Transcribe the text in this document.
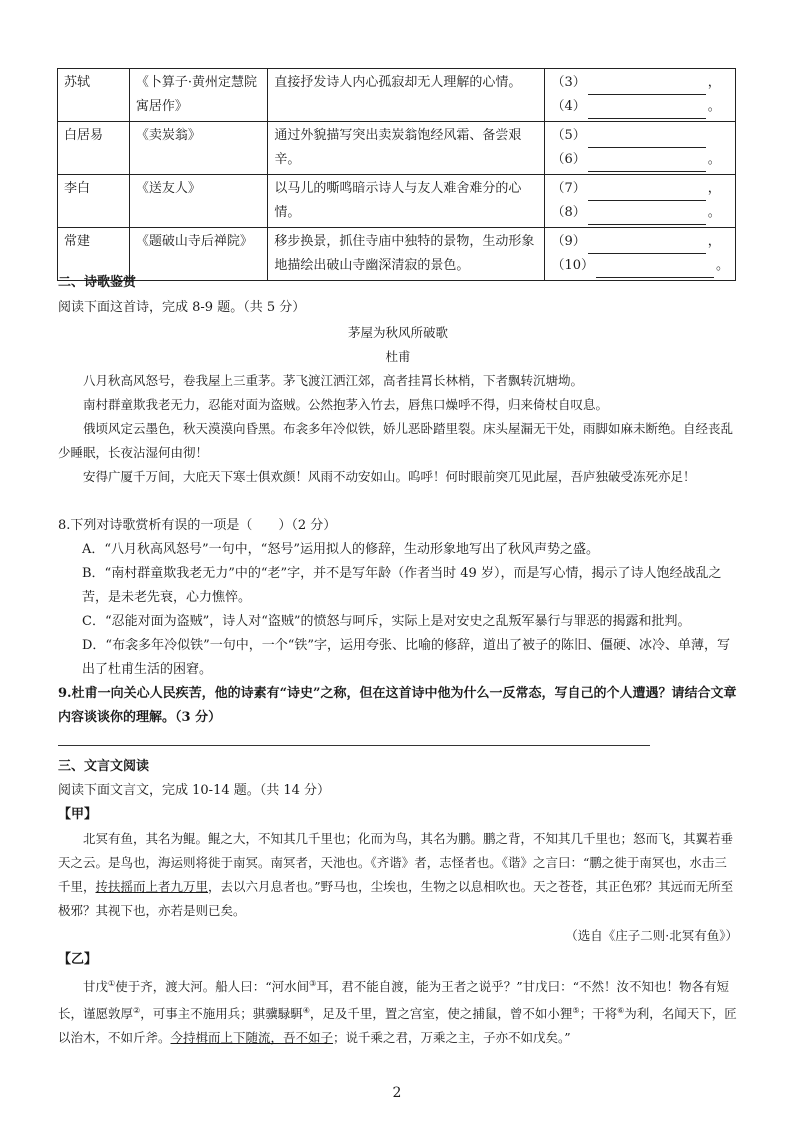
苏轼	《卜算子·黄州定慧院寓居作》	直接抒发诗人内心孤寂却无人理解的心情。	（3） ，
（4） 。

白居易	《卖炭翁》	通过外貌描写突出卖炭翁饱经风霜、备尝艰辛。	（5）
（6） 。

李白	《送友人》	以马儿的嘶鸣暗示诗人与友人难舍难分的心情。	（7） ，
（8） 。

常建	《题破山寺后禅院》	移步换景，抓住寺庙中独特的景物，生动形象地描绘出破山寺幽深清寂的景色。	（9） ，
（10） 。
二、诗歌鉴赏
阅读下面这首诗，完成 8-9 题。（共 5 分）
茅屋为秋风所破歌
杜甫
八月秋高风怒号，卷我屋上三重茅。茅飞渡江洒江郊，高者挂罥长林梢，下者飘转沉塘坳。
南村群童欺我老无力，忍能对面为盗贼。公然抱茅入竹去，唇焦口燥呼不得，归来倚杖自叹息。
俄顷风定云墨色，秋天漠漠向昏黑。布衾多年冷似铁，娇儿恶卧踏里裂。床头屋漏无干处，雨脚如麻未断绝。自经丧乱少睡眠，长夜沾湿何由彻！
安得广厦千万间，大庇天下寒士俱欢颜！风雨不动安如山。呜呼！何时眼前突兀见此屋，吾庐独破受冻死亦足！
8.下列对诗歌赏析有误的一项是（　　）（2 分）
A．“八月秋高风怒号”一句中，“怒号”运用拟人的修辞，生动形象地写出了秋风声势之盛。
B．“南村群童欺我老无力”中的“老”字，并不是写年龄（作者当时 49 岁），而是写心情，揭示了诗人饱经战乱之苦，是未老先衰，心力憔悴。
C．“忍能对面为盗贼”，诗人对“盗贼”的愤怒与呵斥，实际上是对安史之乱叛军暴行与罪恶的揭露和批判。
D．“布衾多年冷似铁”一句中，一个“铁”字，运用夸张、比喻的修辞，道出了被子的陈旧、僵硬、冰冷、单薄，写出了杜甫生活的困窘。
9.杜甫一向关心人民疾苦，他的诗素有“诗史”之称，但在这首诗中他为什么一反常态，写自己的个人遭遇？请结合文章内容谈谈你的理解。（3 分）
三、文言文阅读
阅读下面文言文，完成 10-14 题。（共 14 分）
【甲】
北冥有鱼，其名为鲲。鲲之大，不知其几千里也；化而为鸟，其名为鹏。鹏之背，不知其几千里也；怒而飞，其翼若垂天之云。是鸟也，海运则将徙于南冥。南冥者，天池也。《齐谐》者，志怪者也。《谐》之言曰：“鹏之徙于南冥也，水击三千里，抟扶摇而上者九万里，去以六月息者也。”野马也，尘埃也，生物之以息相吹也。天之苍苍，其正色邪？其远而无所至极邪？其视下也，亦若是则已矣。
（选自《庄子二则·北冥有鱼》）
【乙】
甘戊①使于齐，渡大河。船人曰：“河水间③耳，君不能自渡，能为王者之说乎？”甘戊曰：“不然！汝不知也！物各有短长，谨愿敦厚②，可事主不施用兵；骐骥騄駬④，足及千里，置之宫室，使之捕鼠，曾不如小狸⑤；干将⑥为利，名闻天下，匠以治木，不如斤斧。今持楫而上下随流，吾不如子；说千乘之君，万乘之主，子亦不如戊矣。”
2
